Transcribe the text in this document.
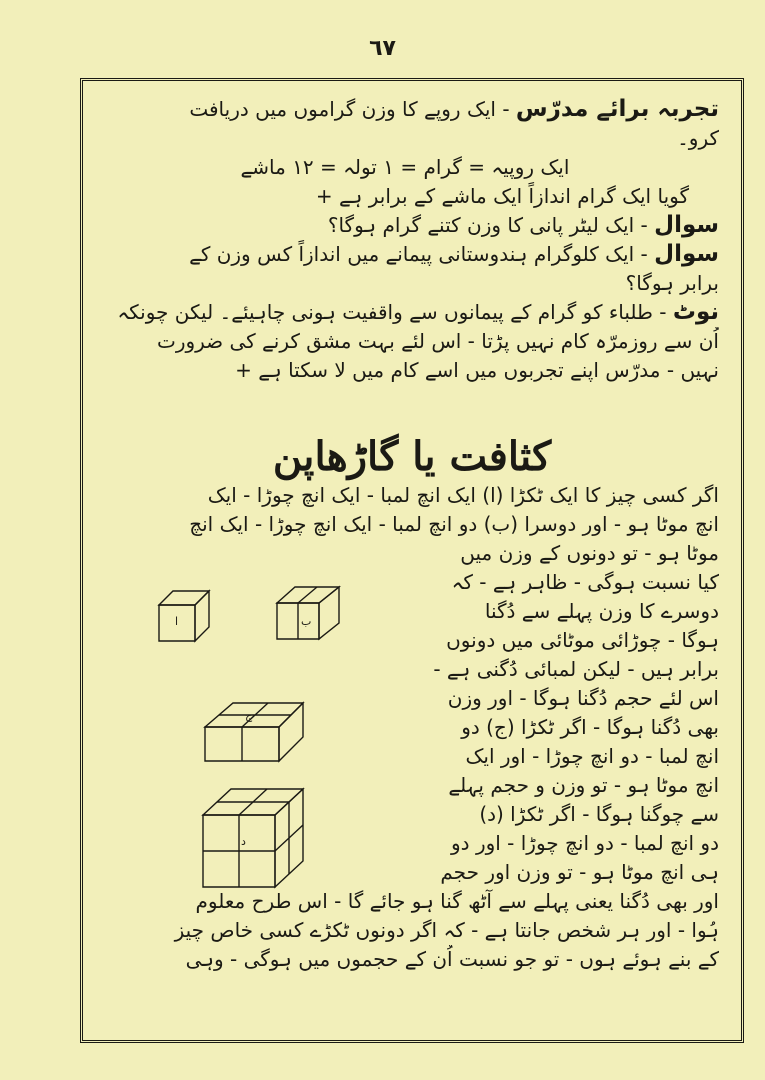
٦٧
تجربہ برائے مدرّس - ایک روپے کا وزن گراموں میں دریافت
کرو۔
ایک روپیہ = گرام = ۱ تولہ = ۱۲ ماشے
گویا ایک گرام اندازاً ایک ماشے کے برابر ہے +
سوال - ایک لیٹر پانی کا وزن کتنے گرام ہوگا؟
سوال - ایک کلوگرام ہندوستانی پیمانے میں اندازاً کس وزن کے
برابر ہوگا؟
نوٹ - طلباء کو گرام کے پیمانوں سے واقفیت ہونی چاہیئے۔ لیکن چونکہ
اُن سے روزمرّہ کام نہیں پڑتا - اس لئے بہت مشق کرنے کی ضرورت
نہیں - مدرّس اپنے تجربوں میں اسے کام میں لا سکتا ہے +
کثافت یا گاڑھاپن
اگر کسی چیز کا ایک ٹکڑا (ا) ایک انچ لمبا - ایک انچ چوڑا - ایک
انچ موٹا ہو - اور دوسرا (ب) دو انچ لمبا - ایک انچ چوڑا - ایک انچ
موٹا ہو - تو دونوں کے وزن میں
کیا نسبت ہوگی - ظاہر ہے - کہ
دوسرے کا وزن پہلے سے دُگنا
ہوگا - چوڑائی موٹائی میں دونوں
برابر ہیں - لیکن لمبائی دُگنی ہے -
اس لئے حجم دُگنا ہوگا - اور وزن
بھی دُگنا ہوگا - اگر ٹکڑا (ج) دو
انچ لمبا - دو انچ چوڑا - اور ایک
انچ موٹا ہو - تو وزن و حجم پہلے
سے چوگنا ہوگا - اگر ٹکڑا (د)
دو انچ لمبا - دو انچ چوڑا - اور دو
ہی انچ موٹا ہو - تو وزن اور حجم
اور بھی دُگنا یعنی پہلے سے آٹھ گنا ہو جائے گا - اس طرح معلوم
ہُوا - اور ہر شخص جانتا ہے - کہ اگر دونوں ٹکڑے کسی خاص چیز
کے بنے ہوئے ہوں - تو جو نسبت اُن کے حجموں میں ہوگی - وہی
ا	ب
ج
د
